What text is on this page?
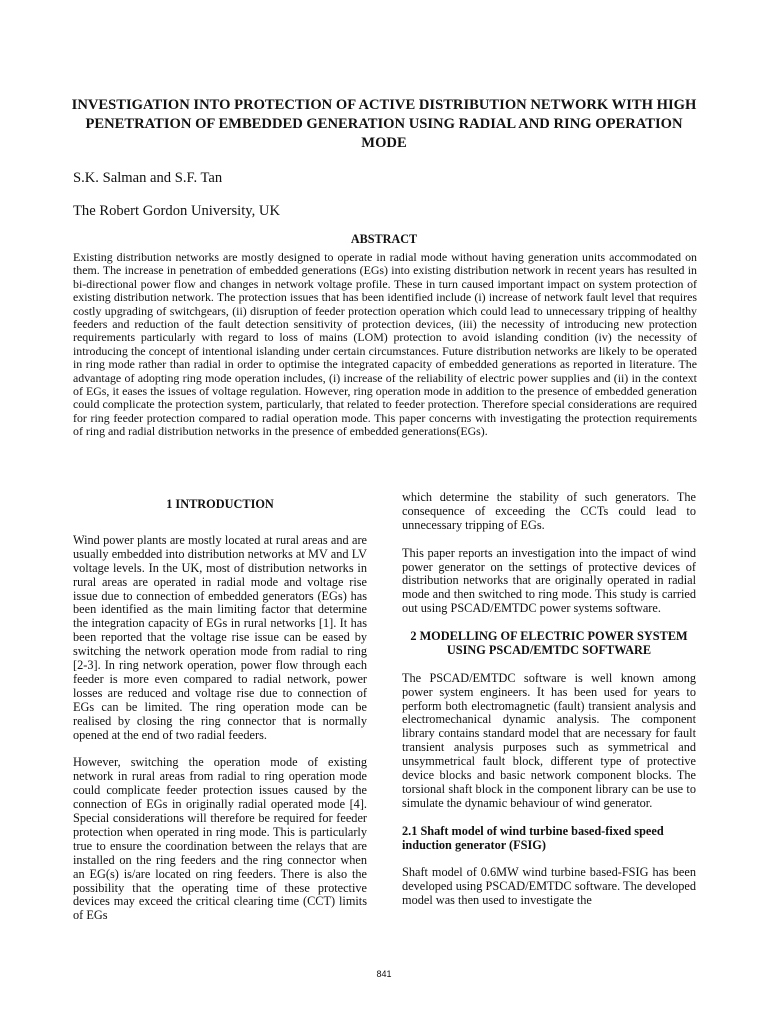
INVESTIGATION INTO PROTECTION OF ACTIVE DISTRIBUTION NETWORK WITH HIGH PENETRATION OF EMBEDDED GENERATION USING RADIAL AND RING OPERATION MODE

S.K. Salman and S.F. Tan

The Robert Gordon University, UK

ABSTRACT

Existing distribution networks are mostly designed to operate in radial mode without having generation units accommodated on them. The increase in penetration of embedded generations (EGs) into existing distribution network in recent years has resulted in bi-directional power flow and changes in network voltage profile. These in turn caused important impact on system protection of existing distribution network. The protection issues that has been identified include (i) increase of network fault level that requires costly upgrading of switchgears, (ii) disruption of feeder protection operation which could lead to unnecessary tripping of healthy feeders and reduction of the fault detection sensitivity of protection devices, (iii) the necessity of introducing new protection requirements particularly with regard to loss of mains (LOM) protection to avoid islanding condition (iv) the necessity of introducing the concept of intentional islanding under certain circumstances. Future distribution networks are likely to be operated in ring mode rather than radial in order to optimise the integrated capacity of embedded generations as reported in literature. The advantage of adopting ring mode operation includes, (i) increase of the reliability of electric power supplies and (ii) in the context of EGs, it eases the issues of voltage regulation. However, ring operation mode in addition to the presence of embedded generation could complicate the protection system, particularly, that related to feeder protection. Therefore special considerations are required for ring feeder protection compared to radial operation mode. This paper concerns with investigating the protection requirements of ring and radial distribution networks in the presence of embedded generations(EGs).

1 INTRODUCTION

Wind power plants are mostly located at rural areas and are usually embedded into distribution networks at MV and LV voltage levels. In the UK, most of distribution networks in rural areas are operated in radial mode and voltage rise issue due to connection of embedded generators (EGs) has been identified as the main limiting factor that determine the integration capacity of EGs in rural networks [1]. It has been reported that the voltage rise issue can be eased by switching the network operation mode from radial to ring [2-3]. In ring network operation, power flow through each feeder is more even compared to radial network, power losses are reduced and voltage rise due to connection of EGs can be limited. The ring operation mode can be realised by closing the ring connector that is normally opened at the end of two radial feeders.

However, switching the operation mode of existing network in rural areas from radial to ring operation mode could complicate feeder protection issues caused by the connection of EGs in originally radial operated mode [4]. Special considerations will therefore be required for feeder protection when operated in ring mode. This is particularly true to ensure the coordination between the relays that are installed on the ring feeders and the ring connector when an EG(s) is/are located on ring feeders. There is also the possibility that the operating time of these protective devices may exceed the critical clearing time (CCT) limits of EGs

which determine the stability of such generators. The consequence of exceeding the CCTs could lead to unnecessary tripping of EGs.

This paper reports an investigation into the impact of wind power generator on the settings of protective devices of distribution networks that are originally operated in radial mode and then switched to ring mode. This study is carried out using PSCAD/EMTDC power systems software.

2 MODELLING OF ELECTRIC POWER SYSTEM
USING PSCAD/EMTDC SOFTWARE

The PSCAD/EMTDC software is well known among power system engineers. It has been used for years to perform both electromagnetic (fault) transient analysis and electromechanical dynamic analysis. The component library contains standard model that are necessary for fault transient analysis purposes such as symmetrical and unsymmetrical fault block, different type of protective device blocks and basic network component blocks. The torsional shaft block in the component library can be use to simulate the dynamic behaviour of wind generator.

2.1 Shaft model of wind turbine based-fixed speed induction generator (FSIG)

Shaft model of 0.6MW wind turbine based-FSIG has been developed using PSCAD/EMTDC software. The developed model was then used to investigate the

841
